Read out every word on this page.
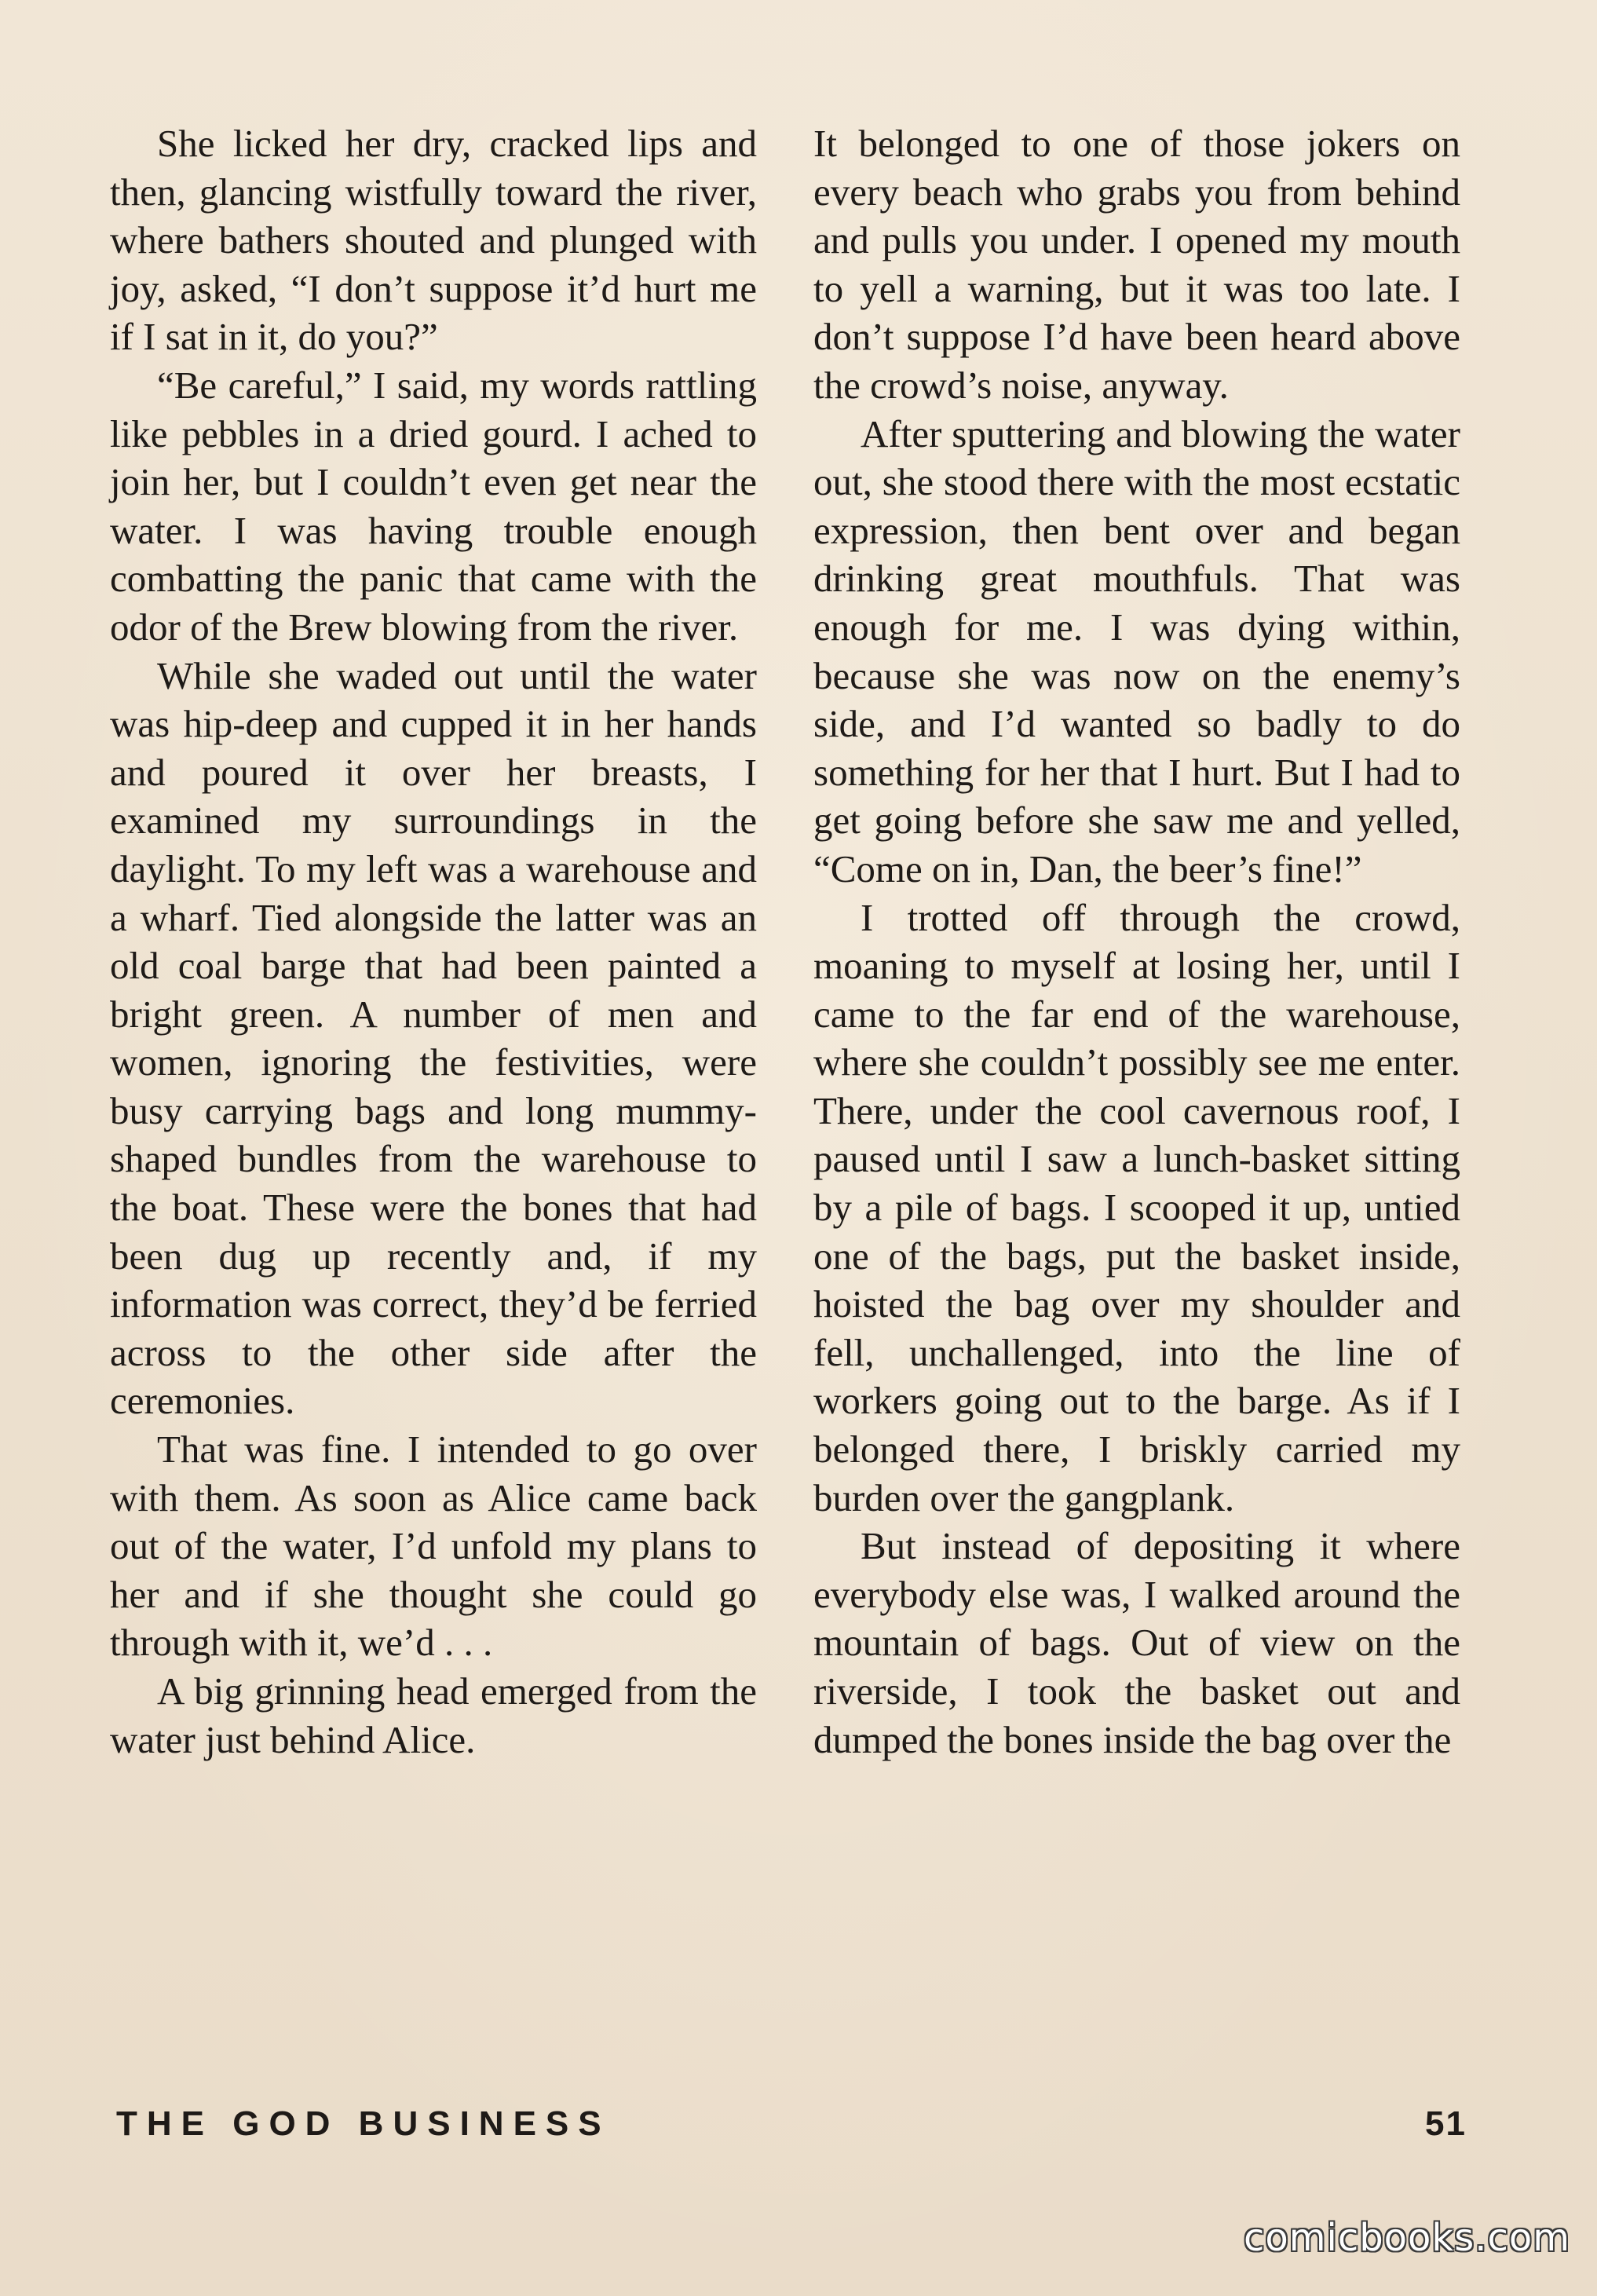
She licked her dry, cracked lips and then, glancing wistfully toward the river, where bathers shouted and plunged with joy, asked, “I don’t suppose it’d hurt me if I sat in it, do you?”

“Be careful,” I said, my words rattling like pebbles in a dried gourd. I ached to join her, but I couldn’t even get near the water. I was having trouble enough combatting the panic that came with the odor of the Brew blowing from the river.

While she waded out until the water was hip-deep and cupped it in her hands and poured it over her breasts, I examined my surroundings in the daylight. To my left was a warehouse and a wharf. Tied alongside the latter was an old coal barge that had been painted a bright green. A number of men and women, ignoring the festivities, were busy carrying bags and long mummy-shaped bundles from the warehouse to the boat. These were the bones that had been dug up recently and, if my information was correct, they’d be ferried across to the other side after the ceremonies.

That was fine. I intended to go over with them. As soon as Alice came back out of the water, I’d unfold my plans to her and if she thought she could go through with it, we’d . . .

A big grinning head emerged from the water just behind Alice.

It belonged to one of those jokers on every beach who grabs you from behind and pulls you under. I opened my mouth to yell a warning, but it was too late. I don’t suppose I’d have been heard above the crowd’s noise, anyway.

After sputtering and blowing the water out, she stood there with the most ecstatic expression, then bent over and began drinking great mouthfuls. That was enough for me. I was dying within, because she was now on the enemy’s side, and I’d wanted so badly to do something for her that I hurt. But I had to get going before she saw me and yelled, “Come on in, Dan, the beer’s fine!”

I trotted off through the crowd, moaning to myself at losing her, until I came to the far end of the warehouse, where she couldn’t possibly see me enter. There, under the cool cavernous roof, I paused until I saw a lunch-basket sitting by a pile of bags. I scooped it up, untied one of the bags, put the basket inside, hoisted the bag over my shoulder and fell, unchallenged, into the line of workers going out to the barge. As if I belonged there, I briskly carried my burden over the gangplank.

But instead of depositing it where everybody else was, I walked around the mountain of bags. Out of view on the riverside, I took the basket out and dumped the bones inside the bag over the

THE GOD BUSINESS	51
comicbooks.com
